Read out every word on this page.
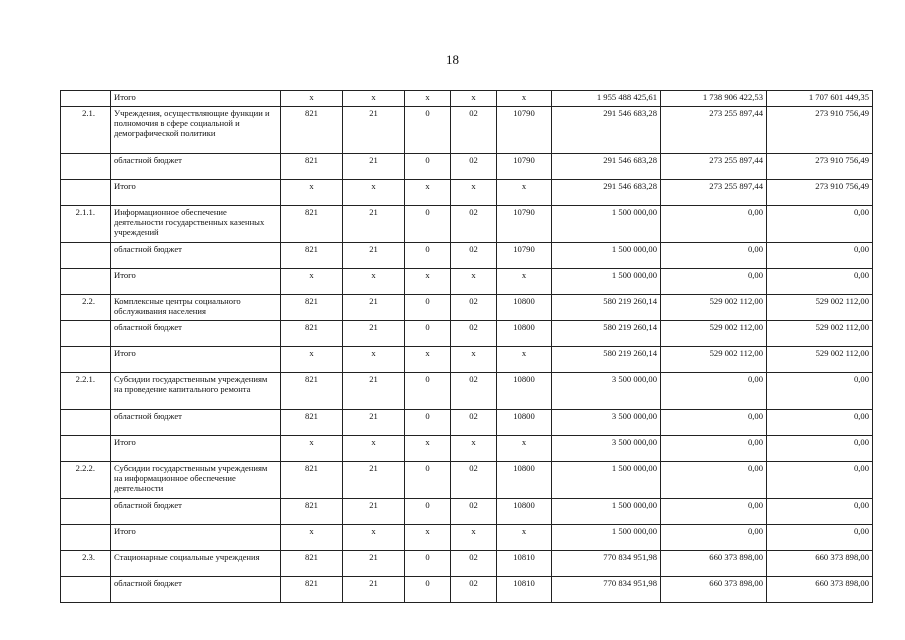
18
	Итого	x	x	x	x	x	1 955 488 425,61	1 738 906 422,53	1 707 601 449,35

2.1.	Учреждения, осуществляющие функции и полномочия в сфере социальной и демографической политики	821	21	0	02	10790	291 546 683,28	273 255 897,44	273 910 756,49

	областной бюджет	821	21	0	02	10790	291 546 683,28	273 255 897,44	273 910 756,49

	Итого	x	x	x	x	x	291 546 683,28	273 255 897,44	273 910 756,49

2.1.1.	Информационное обеспечение деятельности государственных казенных учреждений	821	21	0	02	10790	1 500 000,00	0,00	0,00

	областной бюджет	821	21	0	02	10790	1 500 000,00	0,00	0,00

	Итого	x	x	x	x	x	1 500 000,00	0,00	0,00

2.2.	Комплексные центры социального обслуживания населения	821	21	0	02	10800	580 219 260,14	529 002 112,00	529 002 112,00

	областной бюджет	821	21	0	02	10800	580 219 260,14	529 002 112,00	529 002 112,00

	Итого	x	x	x	x	x	580 219 260,14	529 002 112,00	529 002 112,00

2.2.1.	Субсидии государственным учреждениям на проведение капитального ремонта	821	21	0	02	10800	3 500 000,00	0,00	0,00

	областной бюджет	821	21	0	02	10800	3 500 000,00	0,00	0,00

	Итого	x	x	x	x	x	3 500 000,00	0,00	0,00

2.2.2.	Субсидии государственным учреждениям на информационное обеспечение деятельности	821	21	0	02	10800	1 500 000,00	0,00	0,00

	областной бюджет	821	21	0	02	10800	1 500 000,00	0,00	0,00

	Итого	x	x	x	x	x	1 500 000,00	0,00	0,00

2.3.	Стационарные социальные учреждения	821	21	0	02	10810	770 834 951,98	660 373 898,00	660 373 898,00

	областной бюджет	821	21	0	02	10810	770 834 951,98	660 373 898,00	660 373 898,00
